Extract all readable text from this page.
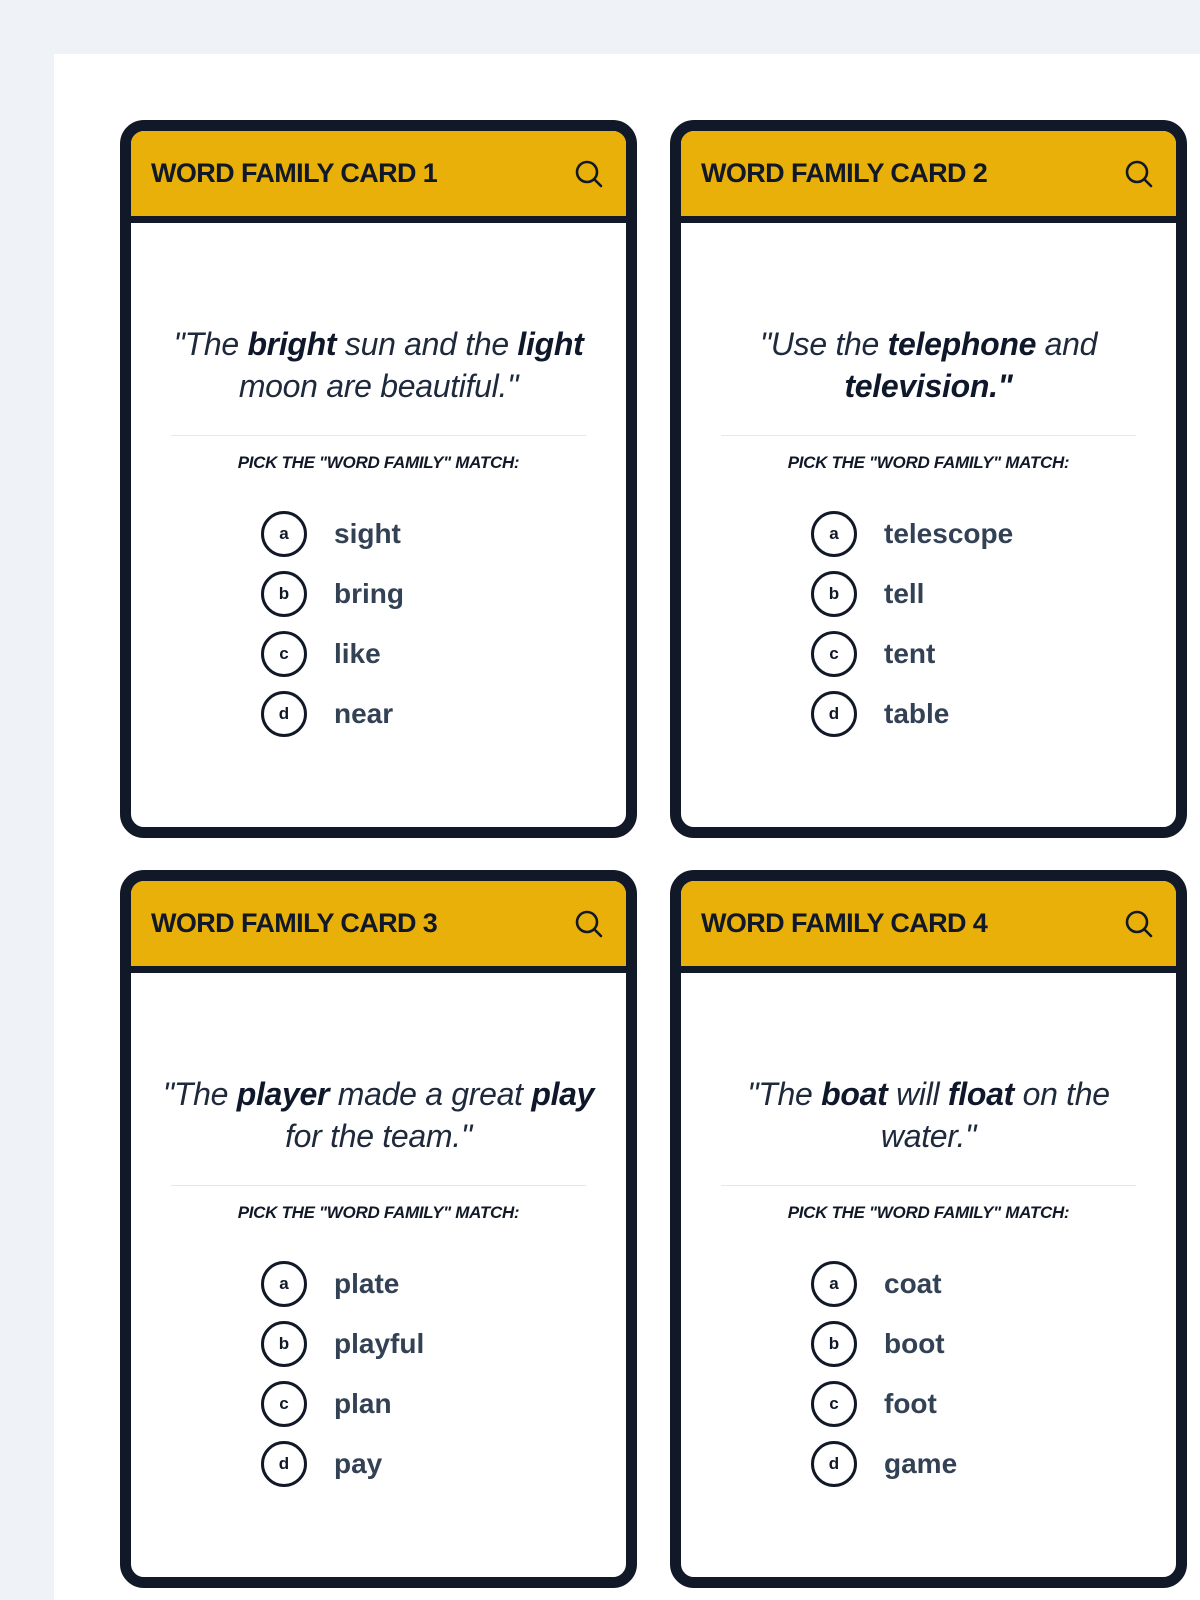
WORD FAMILY CARD 1
"The bright sun and the light moon are beautiful."
PICK THE "WORD FAMILY" MATCH:
a	sight
b	bring
c	like
d	near
WORD FAMILY CARD 2
"Use the telephone and television."
PICK THE "WORD FAMILY" MATCH:
a	telescope
b	tell
c	tent
d	table
WORD FAMILY CARD 3
"The player made a great play for the team."
PICK THE "WORD FAMILY" MATCH:
a	plate
b	playful
c	plan
d	pay
WORD FAMILY CARD 4
"The boat will float on the water."
PICK THE "WORD FAMILY" MATCH:
a	coat
b	boot
c	foot
d	game
